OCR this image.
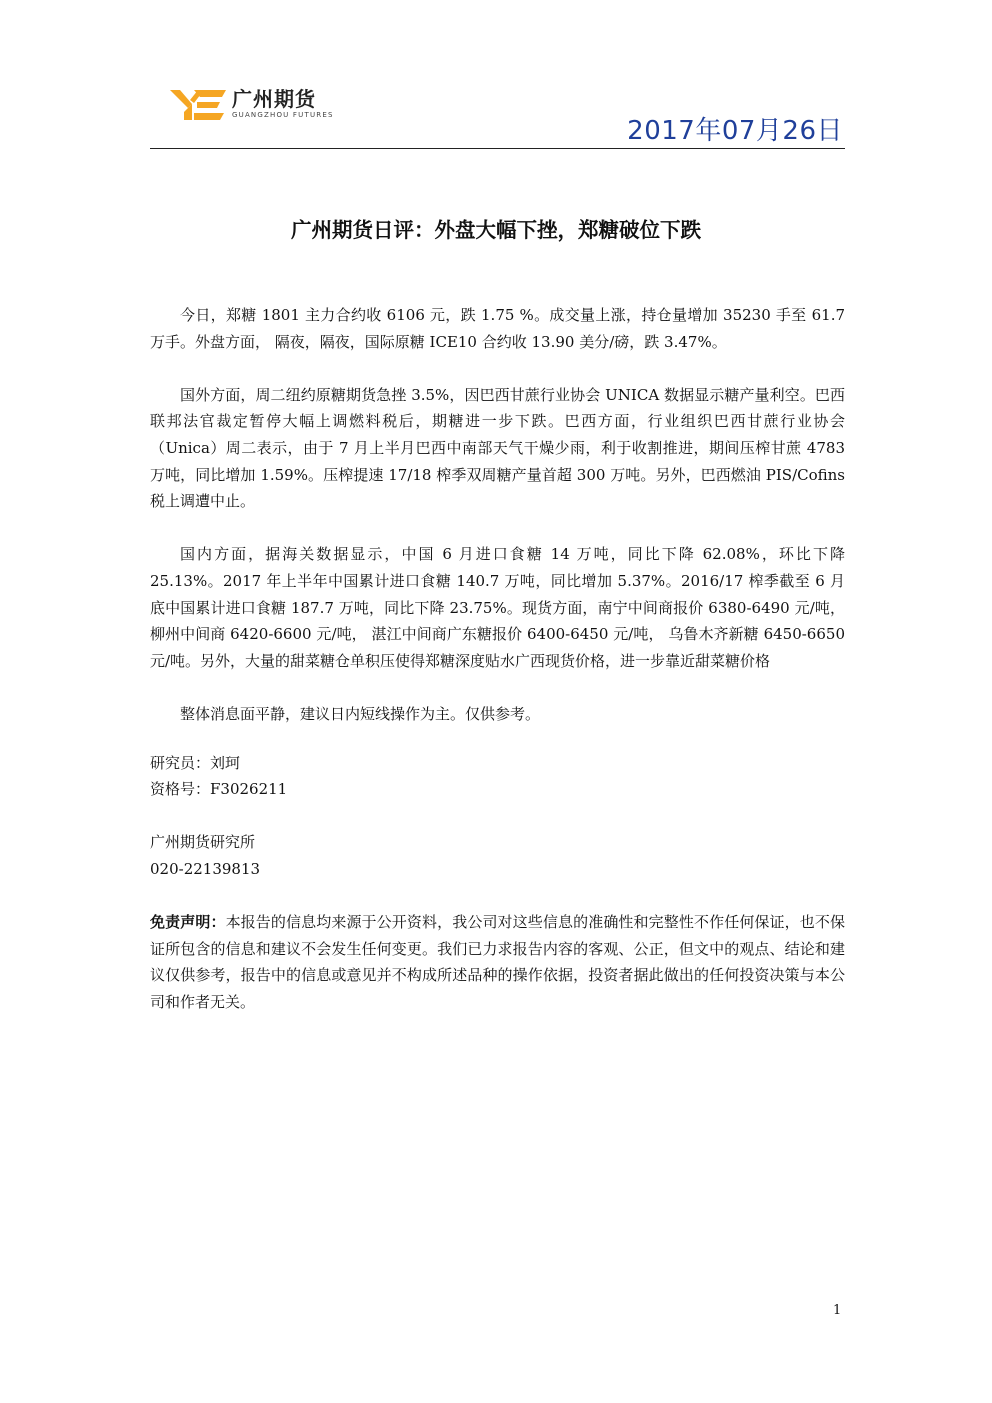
广州期货
GUANGZHOU FUTURES
2017年07月26日
广州期货日评：外盘大幅下挫，郑糖破位下跌

今日，郑糖 1801 主力合约收 6106 元，跌 1.75 %。成交量上涨，持仓量增加 35230 手至 61.7 万手。外盘方面， 隔夜，隔夜，国际原糖 ICE10 合约收 13.90 美分/磅，跌 3.47%。

国外方面，周二纽约原糖期货急挫 3.5%，因巴西甘蔗行业协会 UNICA 数据显示糖产量利空。巴西联邦法官裁定暂停大幅上调燃料税后，期糖进一步下跌。巴西方面，行业组织巴西甘蔗行业协会（Unica）周二表示，由于 7 月上半月巴西中南部天气干燥少雨，利于收割推进，期间压榨甘蔗 4783 万吨，同比增加 1.59%。压榨提速 17/18 榨季双周糖产量首超 300 万吨。另外，巴西燃油 PIS/Cofins 税上调遭中止。

国内方面，据海关数据显示，中国 6 月进口食糖 14 万吨，同比下降 62.08%，环比下降 25.13%。2017 年上半年中国累计进口食糖 140.7 万吨，同比增加 5.37%。2016/17 榨季截至 6 月底中国累计进口食糖 187.7 万吨，同比下降 23.75%。现货方面，南宁中间商报价 6380-6490 元/吨， 柳州中间商 6420-6600 元/吨， 湛江中间商广东糖报价 6400-6450 元/吨， 乌鲁木齐新糖 6450-6650 元/吨。另外，大量的甜菜糖仓单积压使得郑糖深度贴水广西现货价格，进一步靠近甜菜糖价格

整体消息面平静，建议日内短线操作为主。仅供参考。

研究员：刘珂

资格号：F3026211

广州期货研究所

020-22139813

免责声明：本报告的信息均来源于公开资料，我公司对这些信息的准确性和完整性不作任何保证，也不保证所包含的信息和建议不会发生任何变更。我们已力求报告内容的客观、公正，但文中的观点、结论和建议仅供参考，报告中的信息或意见并不构成所述品种的操作依据，投资者据此做出的任何投资决策与本公司和作者无关。

1
